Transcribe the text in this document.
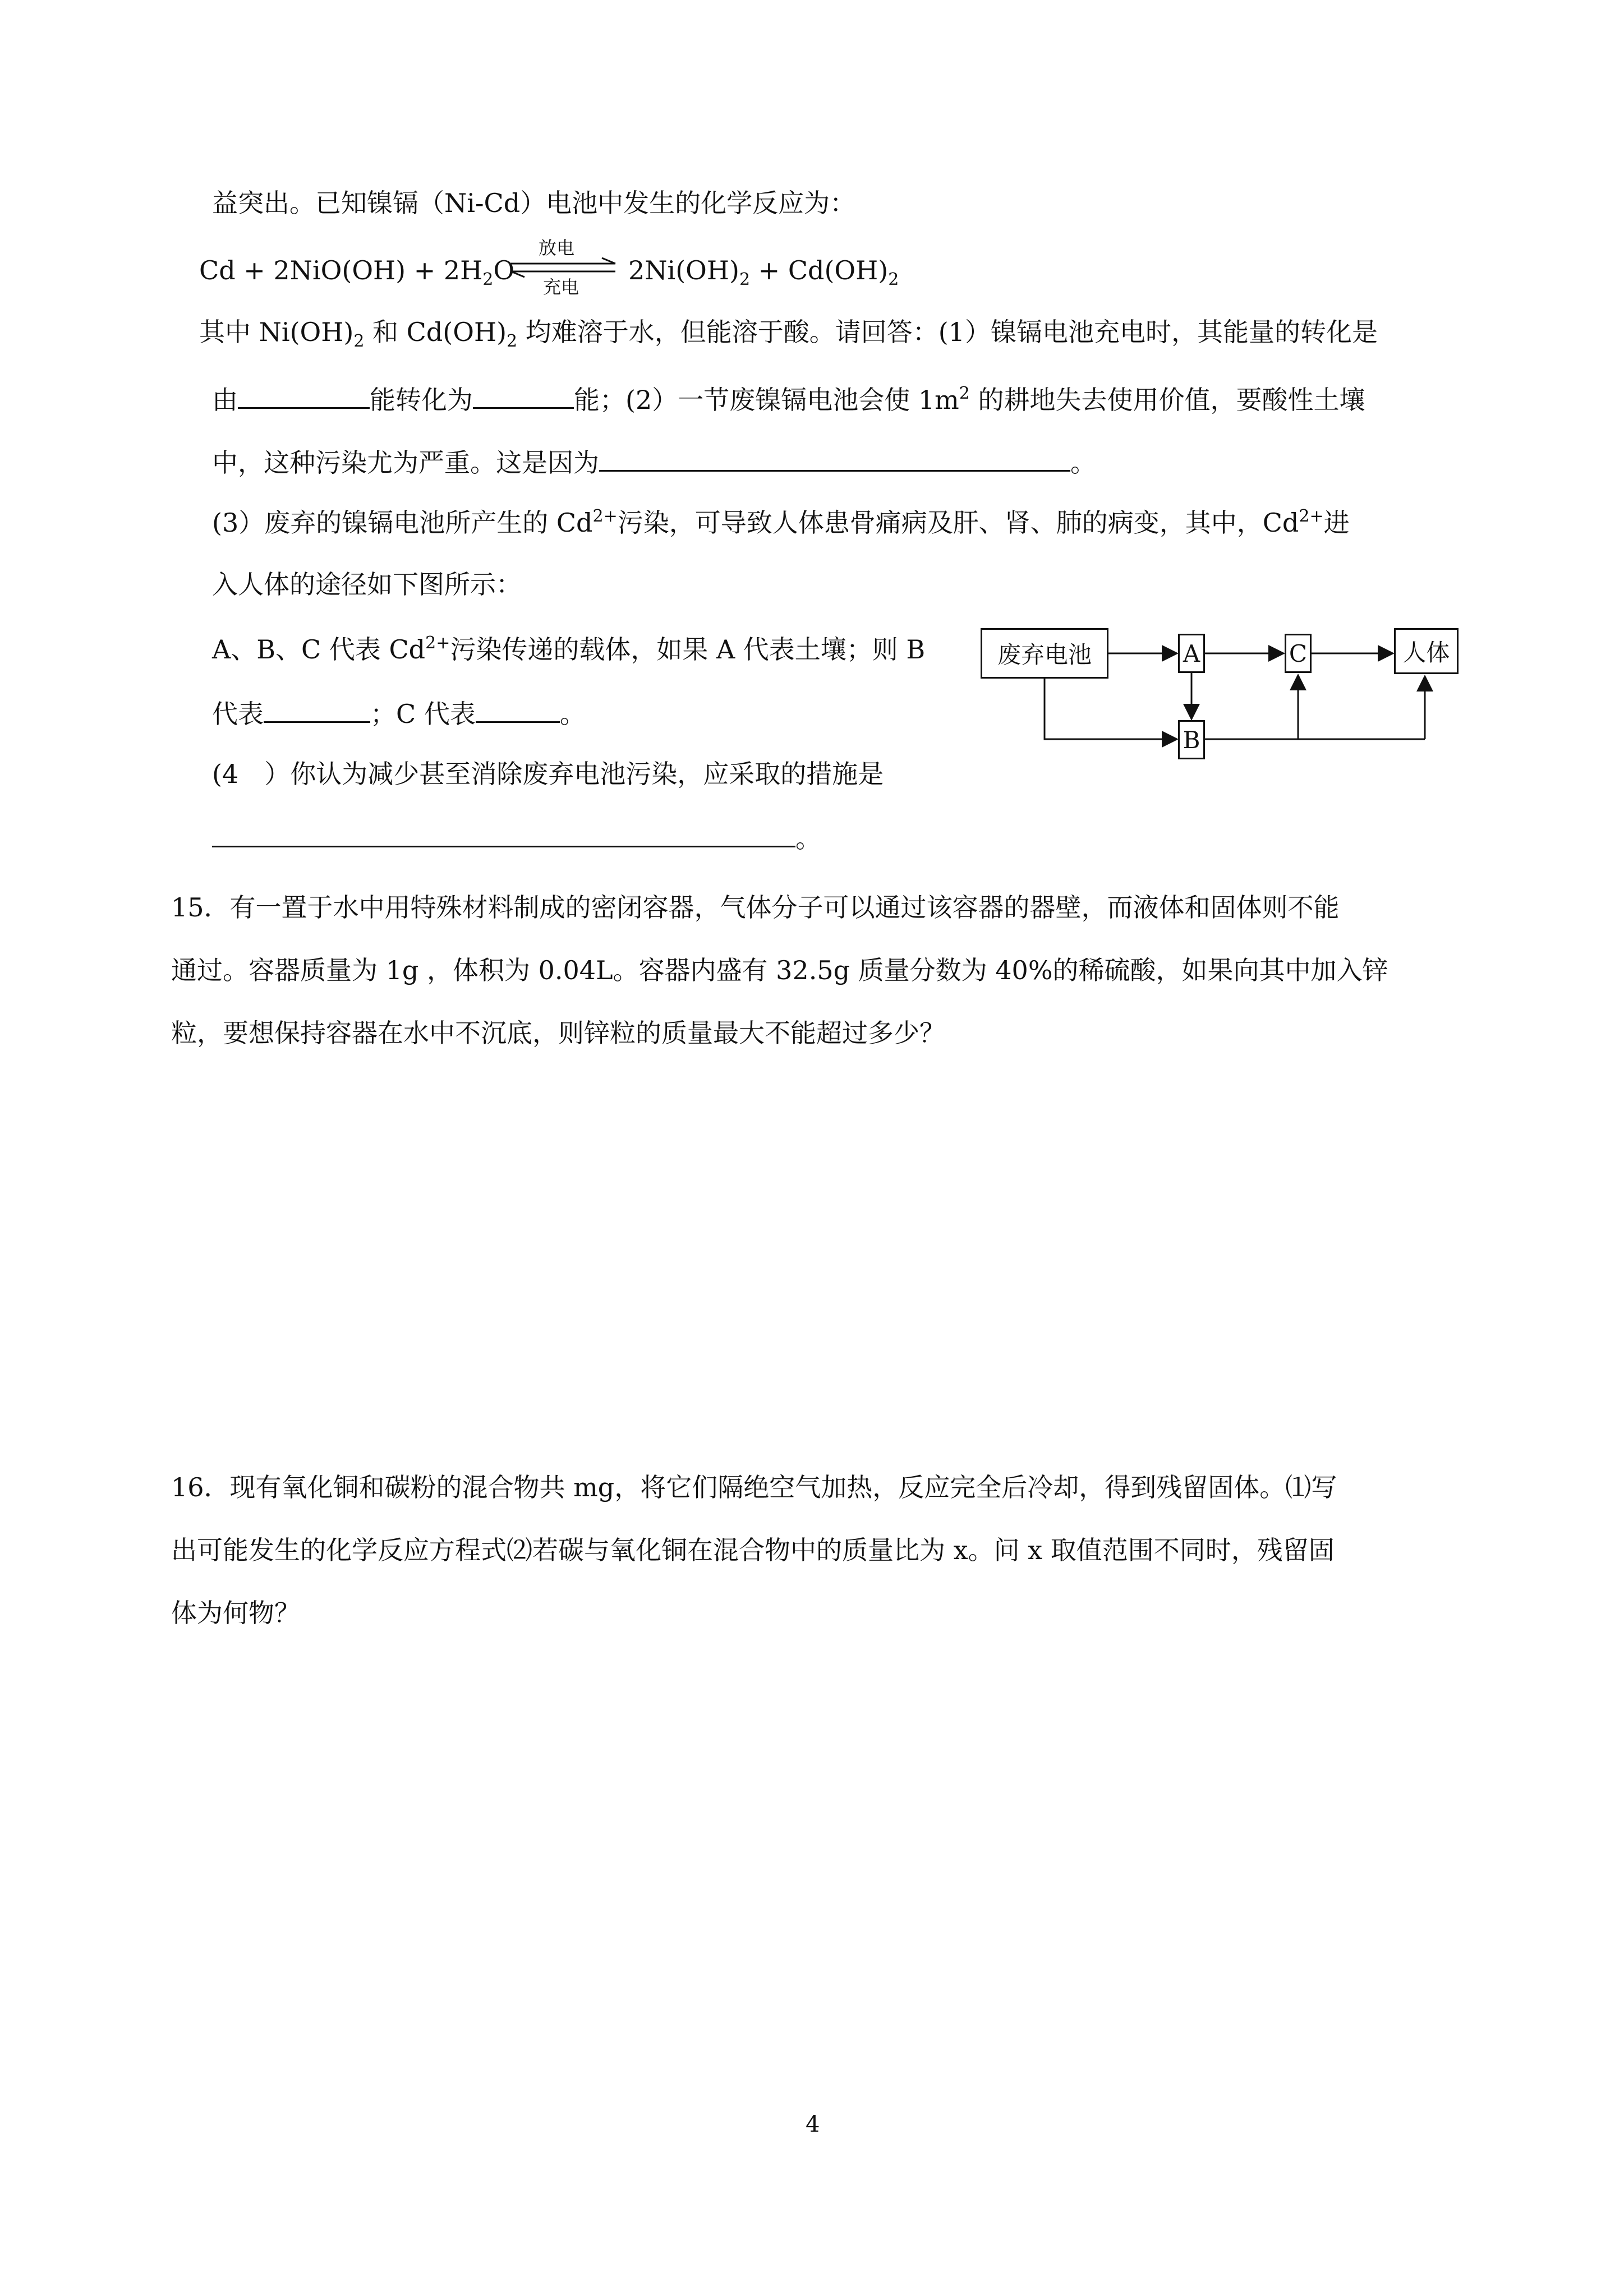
益突出。已知镍镉（Ni-Cd）电池中发生的化学反应为：
$Cd + 2NiO(OH) + 2H_2O$
放电
充电
$2Ni(OH)_2 + Cd(OH)_2$
其中 $Ni(OH)_2$ 和 $Cd(OH)_2$ 均难溶于水，但能溶于酸。请回答：(1）镍镉电池充电时，其能量的转化是
由	能转化为	能；(2）一节废镍镉电池会使 $1m^2$ 的耕地失去使用价值，要酸性土壤
中，这种污染尤为严重。这是因为	。
(3）废弃的镍镉电池所产生的 $Cd^{2+}$污染，可导致人体患骨痛病及肝、肾、肺的病变，其中，$Cd^{2+}$进
入人体的途径如下图所示：
A、B、C 代表 $Cd^{2+}$污染传递的载体，如果 A 代表土壤；则 B
代表	；C 代表	。
废弃电池	A	C	人体
B
(4　）你认为减少甚至消除废弃电池污染，应采取的措施是
。
15．有一置于水中用特殊材料制成的密闭容器，气体分子可以通过该容器的器壁，而液体和固体则不能
通过。容器质量为 1g ，体积为 0.04L。容器内盛有 32.5g 质量分数为 40%的稀硫酸，如果向其中加入锌
粒，要想保持容器在水中不沉底，则锌粒的质量最大不能超过多少？
16．现有氧化铜和碳粉的混合物共 mg，将它们隔绝空气加热，反应完全后冷却，得到残留固体。⑴写
出可能发生的化学反应方程式⑵若碳与氧化铜在混合物中的质量比为 x。问 x 取值范围不同时，残留固
体为何物？
4
